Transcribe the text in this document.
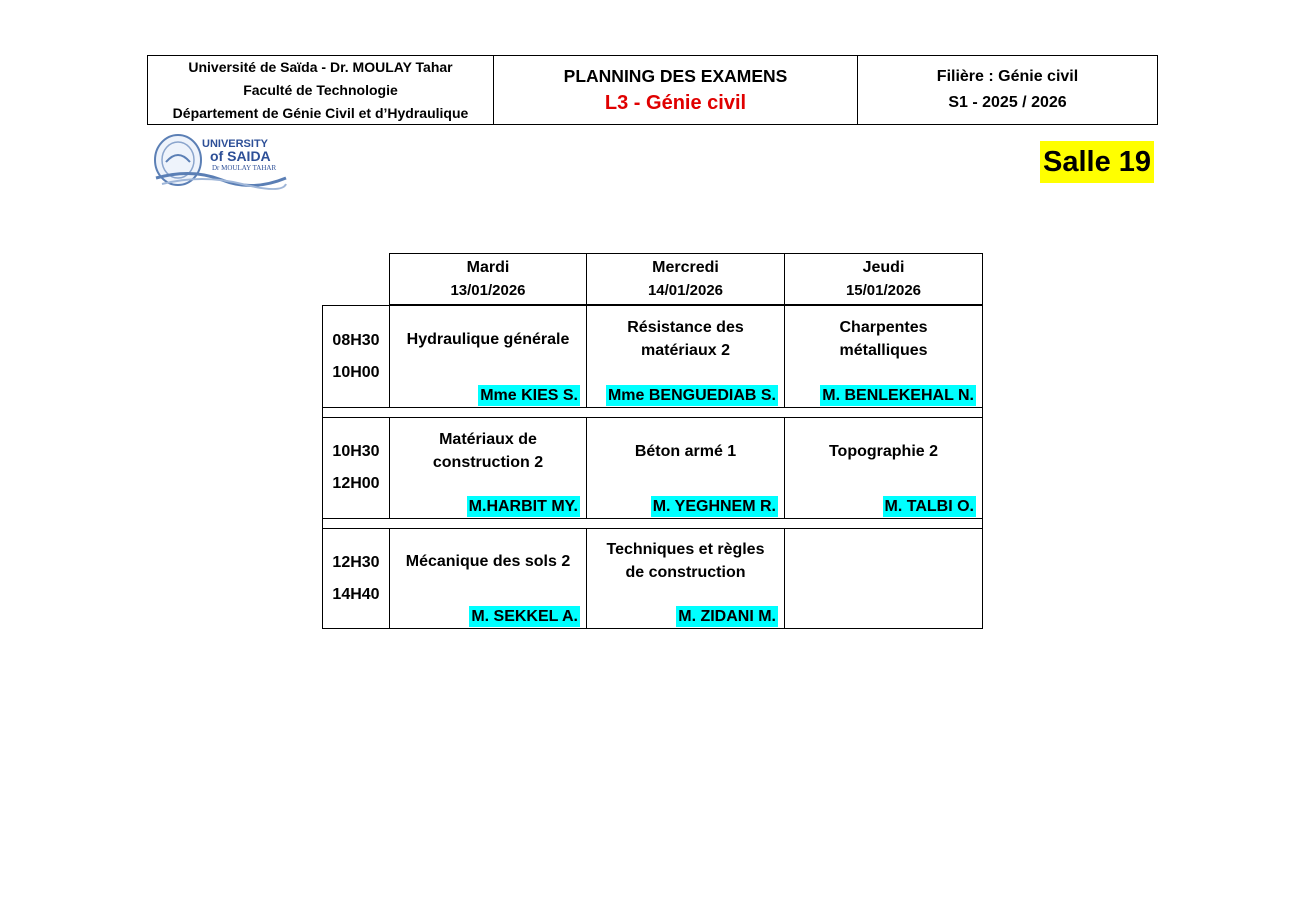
Université de Saïda - Dr. MOULAY Tahar
Faculté de Technologie
Département de Génie Civil et d’Hydraulique
PLANNING DES EXAMENS
L3 - Génie civil
Filière : Génie civil
S1 - 2025 / 2026
UNIVERSITY
of SAIDA
Dr MOULAY TAHAR	Salle 19
Mardi
13/01/2026
Mercredi
14/01/2026
Jeudi
15/01/2026
08H30
10H00
Hydraulique générale
Mme KIES S.
Résistance des
matériaux 2
Mme BENGUEDIAB S.
Charpentes
métalliques
M. BENLEKEHAL N.
10H30
12H00
Matériaux de
construction 2
M.HARBIT MY.
Béton armé 1
M. YEGHNEM R.
Topographie 2
M. TALBI O.
12H30
14H40
Mécanique des sols 2
M. SEKKEL A.
Techniques et règles
de construction
M. ZIDANI M.
